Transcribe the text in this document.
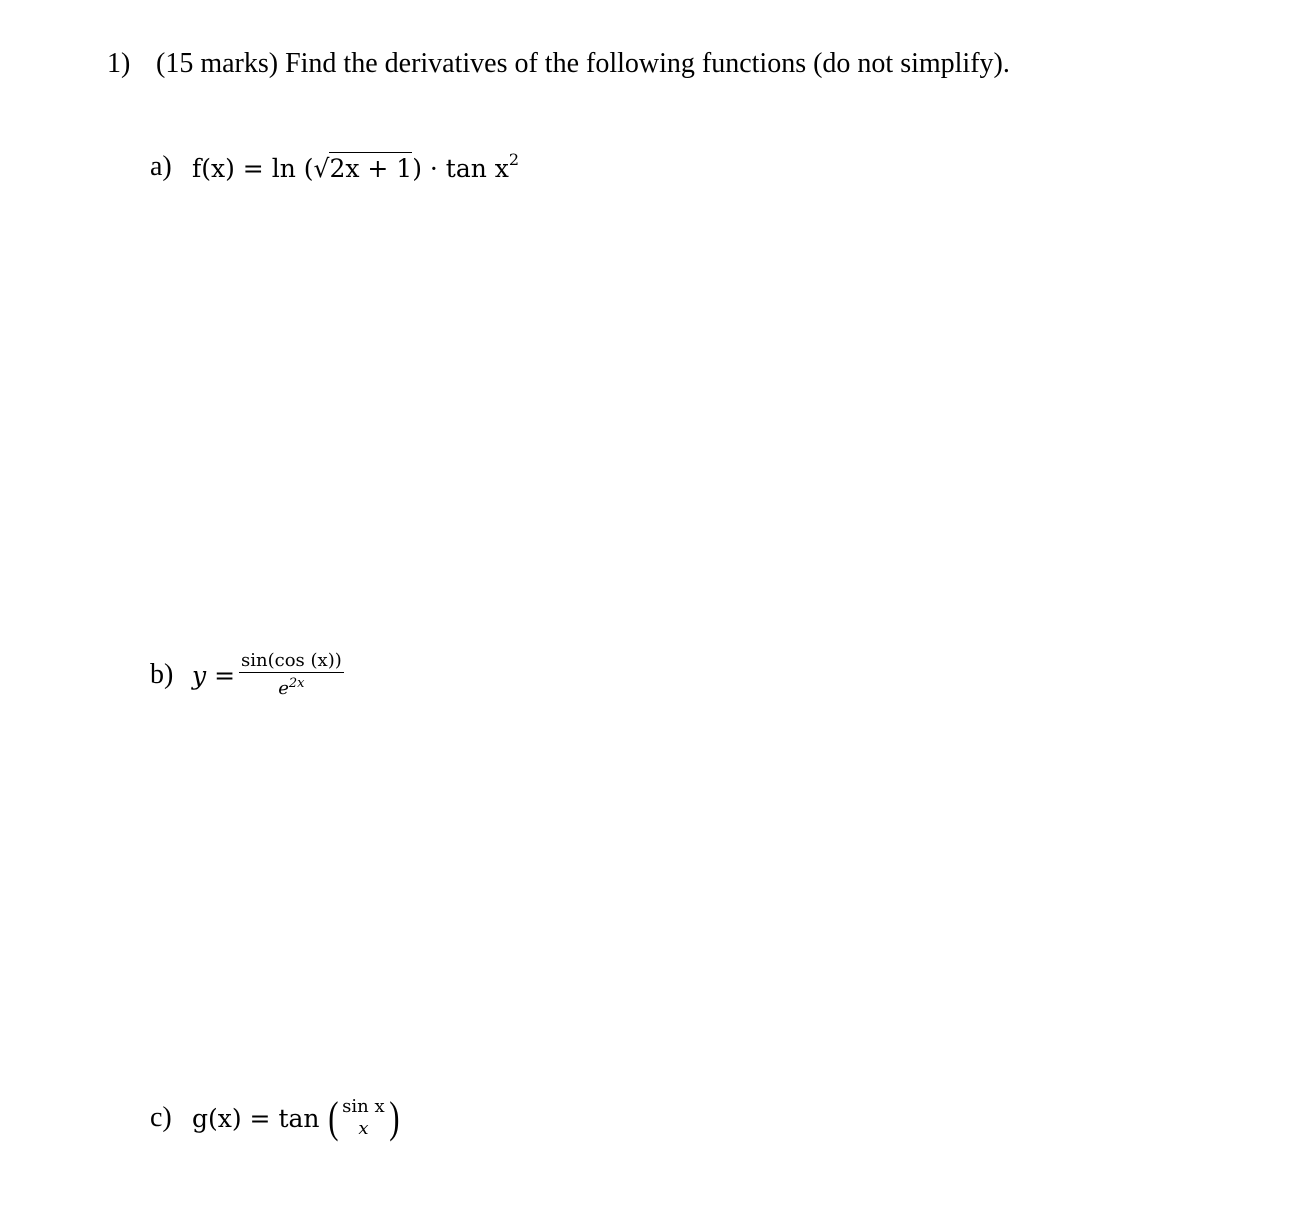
1) (15 marks) Find the derivatives of the following functions (do not simplify).
a) $f(x) = \ln (√2x + 1) \cdot \tan x^2$
b) $y = \frac{\sin(\cos (x))}{e^{2x}}$
c) g(x) = tan ( sin x
x )
